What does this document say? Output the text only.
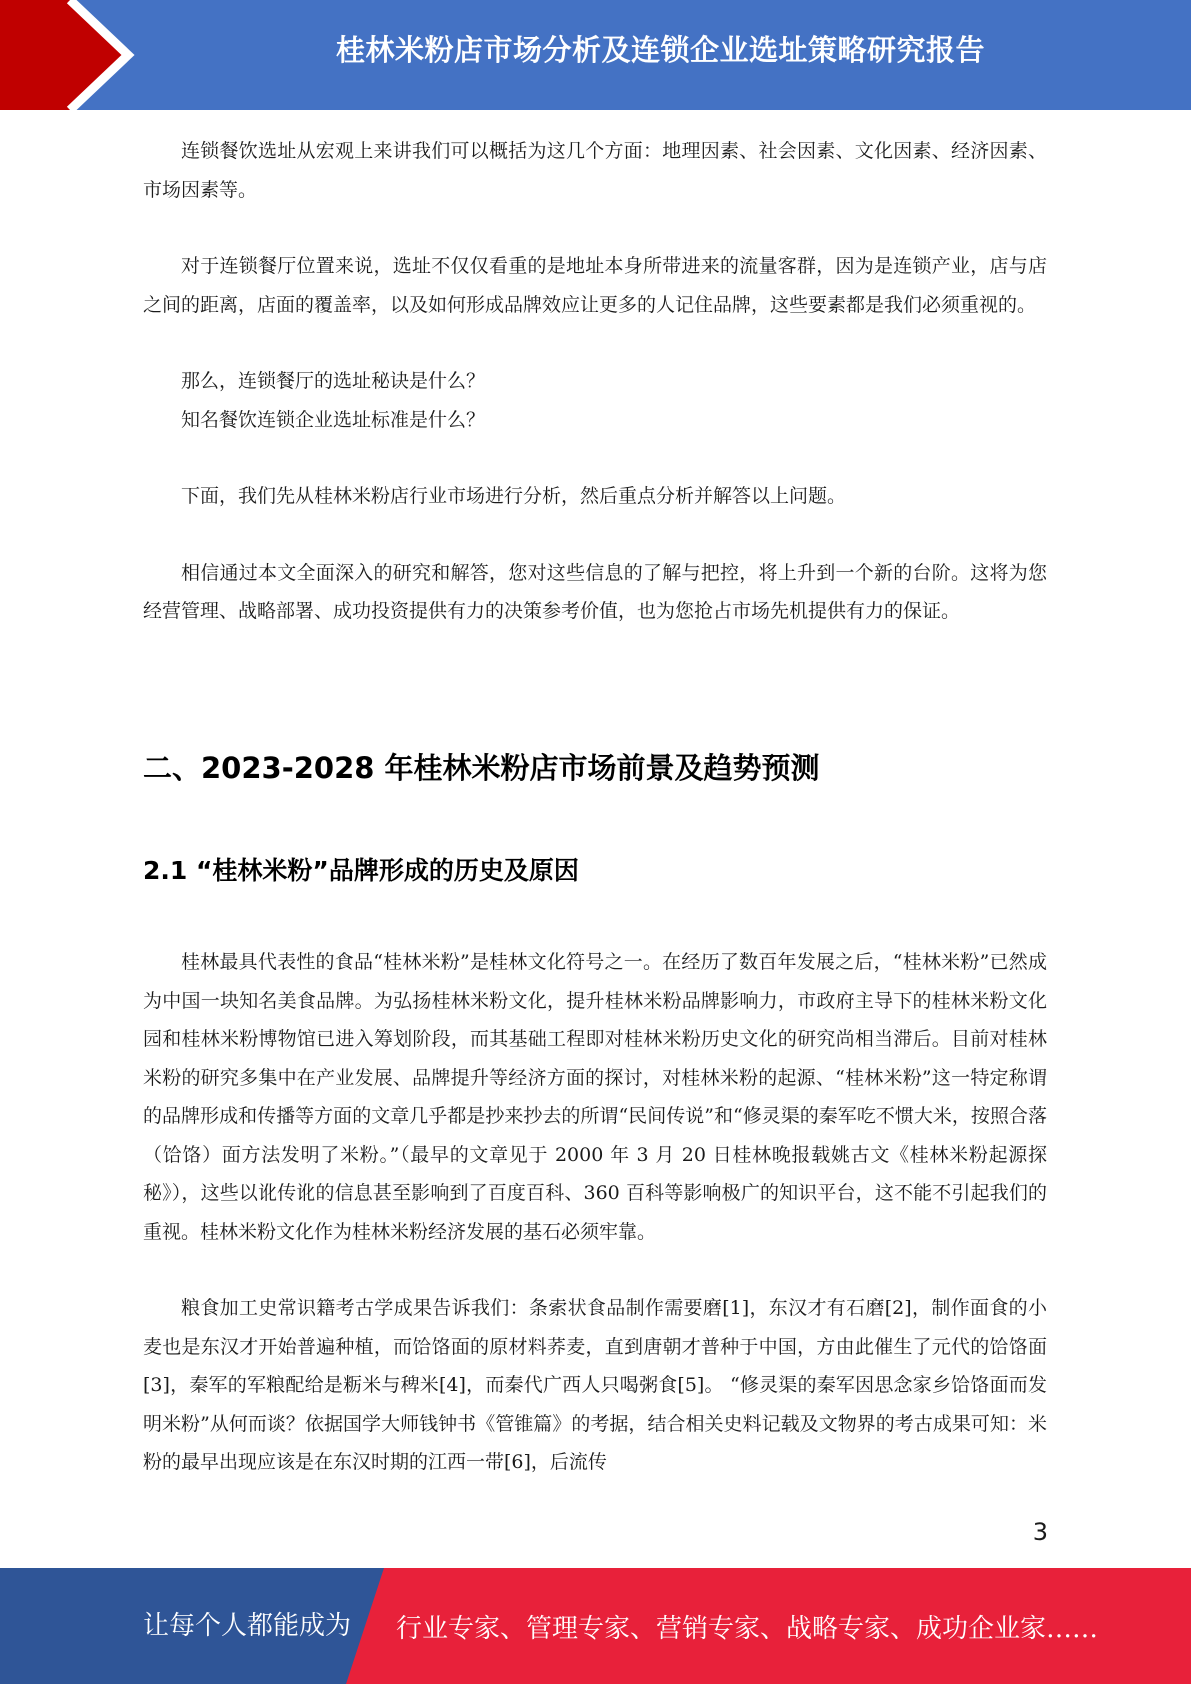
桂林米粉店市场分析及连锁企业选址策略研究报告

连锁餐饮选址从宏观上来讲我们可以概括为这几个方面：地理因素、社会因素、文化因素、经济因素、市场因素等。

对于连锁餐厅位置来说，选址不仅仅看重的是地址本身所带进来的流量客群，因为是连锁产业，店与店之间的距离，店面的覆盖率，以及如何形成品牌效应让更多的人记住品牌，这些要素都是我们必须重视的。

那么，连锁餐厅的选址秘诀是什么？

知名餐饮连锁企业选址标准是什么？

下面，我们先从桂林米粉店行业市场进行分析，然后重点分析并解答以上问题。

相信通过本文全面深入的研究和解答，您对这些信息的了解与把控，将上升到一个新的台阶。这将为您经营管理、战略部署、成功投资提供有力的决策参考价值，也为您抢占市场先机提供有力的保证。

二、2023-2028 年桂林米粉店市场前景及趋势预测
2.1 “桂林米粉”品牌形成的历史及原因

桂林最具代表性的食品“桂林米粉”是桂林文化符号之一。在经历了数百年发展之后，“桂林米粉”已然成为中国一块知名美食品牌。为弘扬桂林米粉文化，提升桂林米粉品牌影响力，市政府主导下的桂林米粉文化园和桂林米粉博物馆已进入筹划阶段，而其基础工程即对桂林米粉历史文化的研究尚相当滞后。目前对桂林米粉的研究多集中在产业发展、品牌提升等经济方面的探讨，对桂林米粉的起源、“桂林米粉”这一特定称谓的品牌形成和传播等方面的文章几乎都是抄来抄去的所谓“民间传说”和“修灵渠的秦军吃不惯大米，按照合落（饸饹）面方法发明了米粉。”（最早的文章见于 2000 年 3 月 20 日桂林晚报载姚古文《桂林米粉起源探秘》），这些以讹传讹的信息甚至影响到了百度百科、360 百科等影响极广的知识平台，这不能不引起我们的重视。桂林米粉文化作为桂林米粉经济发展的基石必须牢靠。

粮食加工史常识籍考古学成果告诉我们：条索状食品制作需要磨[1]，东汉才有石磨[2]，制作面食的小麦也是东汉才开始普遍种植，而饸饹面的原材料荞麦，直到唐朝才普种于中国，方由此催生了元代的饸饹面[3]，秦军的军粮配给是粝米与稗米[4]，而秦代广西人只喝粥食[5]。 “修灵渠的秦军因思念家乡饸饹面而发明米粉”从何而谈？依据国学大师钱钟书《管锥篇》的考据，结合相关史料记载及文物界的考古成果可知：米粉的最早出现应该是在东汉时期的江西一带[6]，后流传

3
让每个人都能成为 行业专家、管理专家、营销专家、战略专家、成功企业家……
